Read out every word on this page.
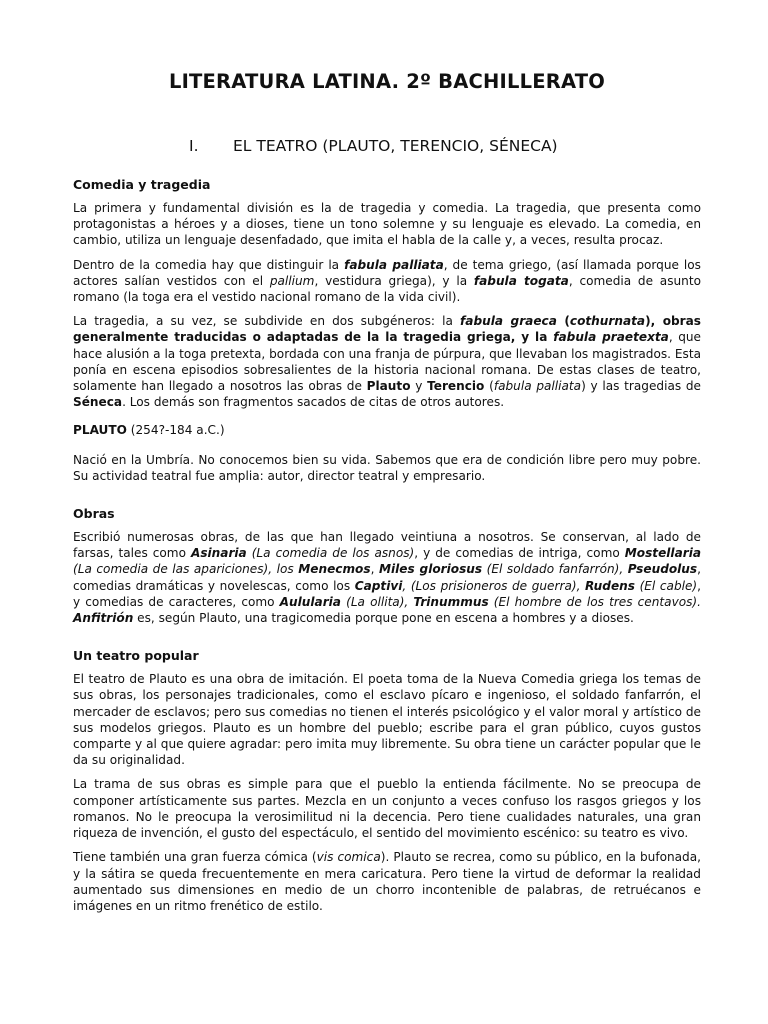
LITERATURA LATINA. 2º BACHILLERATO
I. EL TEATRO (PLAUTO, TERENCIO, SÉNECA)
Comedia y tragedia

La primera y fundamental división es la de tragedia y comedia. La tragedia, que presenta como protagonistas a héroes y a dioses, tiene un tono solemne y su lenguaje es elevado. La comedia, en cambio, utiliza un lenguaje desenfadado, que imita el habla de la calle y, a veces, resulta procaz.

Dentro de la comedia hay que distinguir la fabula palliata, de tema griego, (así llamada porque los actores salían vestidos con el pallium, vestidura griega), y la fabula togata, comedia de asunto romano (la toga era el vestido nacional romano de la vida civil).

La tragedia, a su vez, se subdivide en dos subgéneros: la fabula graeca (cothurnata), obras generalmente traducidas o adaptadas de la la tragedia griega, y la fabula praetexta, que hace alusión a la toga pretexta, bordada con una franja de púrpura, que llevaban los magistrados. Esta ponía en escena episodios sobresalientes de la historia nacional romana. De estas clases de teatro, solamente han llegado a nosotros las obras de Plauto y Terencio (fabula palliata) y las tragedias de Séneca. Los demás son fragmentos sacados de citas de otros autores.

PLAUTO (254?-184 a.C.)

Nació en la Umbría. No conocemos bien su vida. Sabemos que era de condición libre pero muy pobre. Su actividad teatral fue amplia: autor, director teatral y empresario.

Obras

Escribió numerosas obras, de las que han llegado veintiuna a nosotros. Se conservan, al lado de farsas, tales como Asinaria (La comedia de los asnos), y de comedias de intriga, como Mostellaria (La comedia de las apariciones), los Menecmos, Miles gloriosus (El soldado fanfarrón), Pseudolus, comedias dramáticas y novelescas, como los Captivi, (Los prisioneros de guerra), Rudens (El cable), y comedias de caracteres, como Aulularia (La ollita), Trinummus (El hombre de los tres centavos). Anfitrión es, según Plauto, una tragicomedia porque pone en escena a hombres y a dioses.

Un teatro popular

El teatro de Plauto es una obra de imitación. El poeta toma de la Nueva Comedia griega los temas de sus obras, los personajes tradicionales, como el esclavo pícaro e ingenioso, el soldado fanfarrón, el mercader de esclavos; pero sus comedias no tienen el interés psicológico y el valor moral y artístico de sus modelos griegos. Plauto es un hombre del pueblo; escribe para el gran público, cuyos gustos comparte y al que quiere agradar: pero imita muy libremente. Su obra tiene un carácter popular que le da su originalidad.

La trama de sus obras es simple para que el pueblo la entienda fácilmente. No se preocupa de componer artísticamente sus partes. Mezcla en un conjunto a veces confuso los rasgos griegos y los romanos. No le preocupa la verosimilitud ni la decencia. Pero tiene cualidades naturales, una gran riqueza de invención, el gusto del espectáculo, el sentido del movimiento escénico: su teatro es vivo.

Tiene también una gran fuerza cómica (vis comica). Plauto se recrea, como su público, en la bufonada, y la sátira se queda frecuentemente en mera caricatura. Pero tiene la virtud de deformar la realidad aumentado sus dimensiones en medio de un chorro incontenible de palabras, de retruécanos e imágenes en un ritmo frenético de estilo.
